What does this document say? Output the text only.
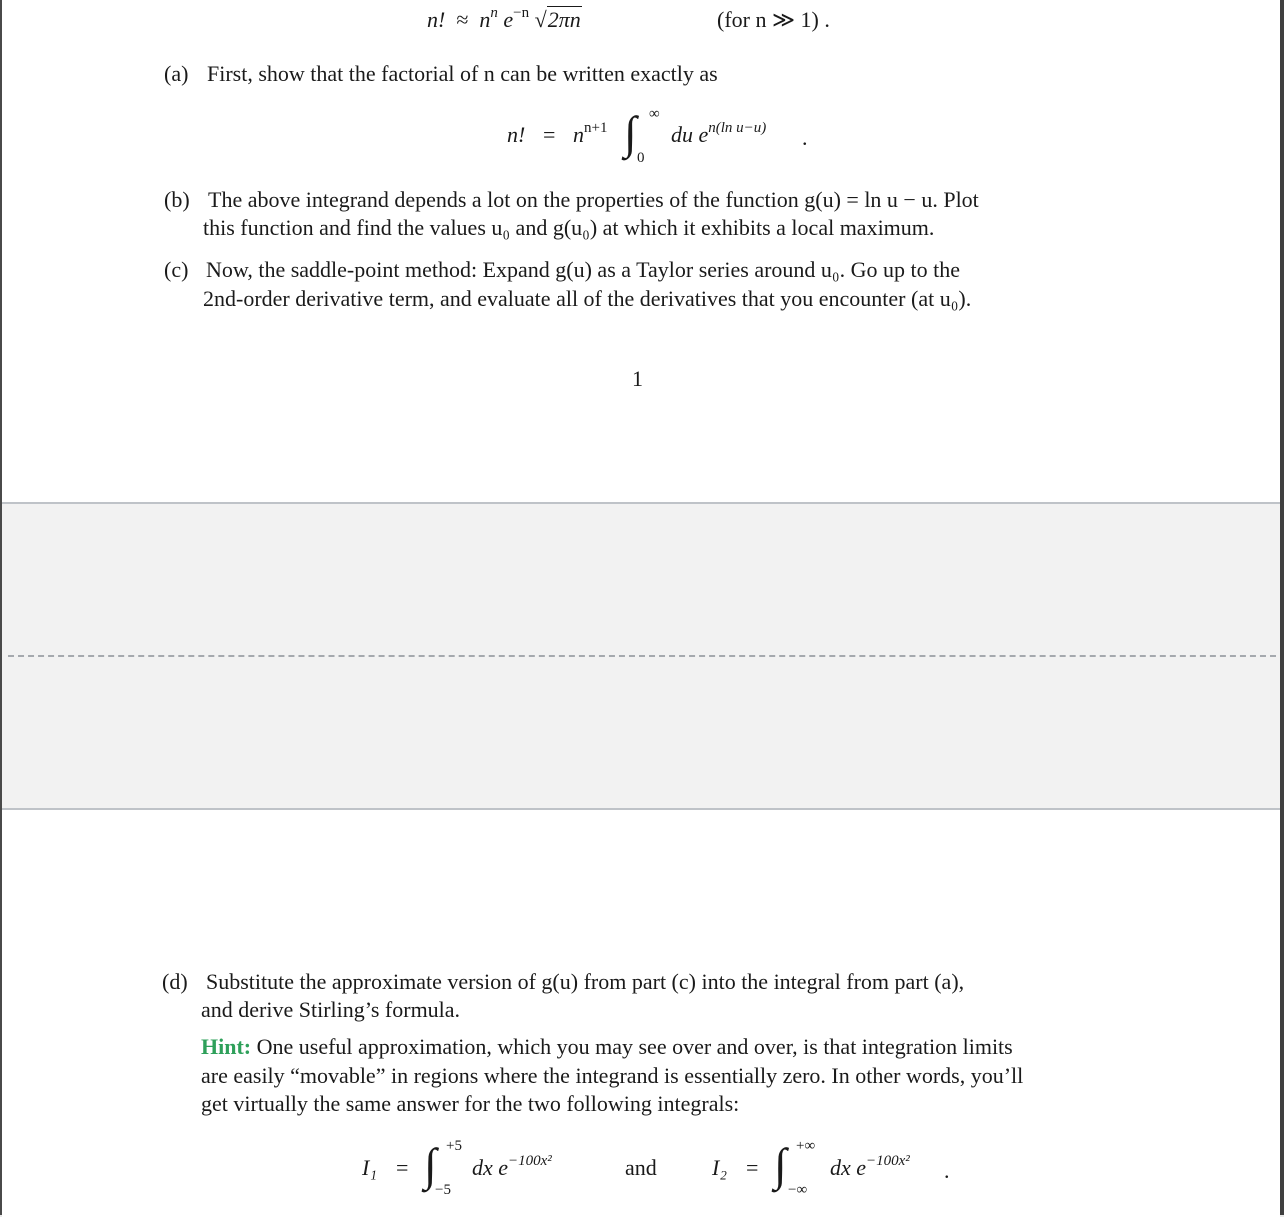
n! ≈ $n^n$ $e^{-n}$ √2πn	(for n ≫ 1) .
(a) First, show that the factorial of n can be written exactly as
n! = $n^{n+1}$ ∫ ∞
0
du $e^{n(ln u-u)}$ .
(b) The above integrand depends a lot on the properties of the function g(u) = ln u − u. Plot
this function and find the values u₀ and g(u₀) at which it exhibits a local maximum.
(c) Now, the saddle-point method: Expand g(u) as a Taylor series around u₀. Go up to the
2nd-order derivative term, and evaluate all of the derivatives that you encounter (at u₀).
1
(d) Substitute the approximate version of g(u) from part (c) into the integral from part (a),
and derive Stirling’s formula.
Hint: One useful approximation, which you may see over and over, is that integration limits
are easily “movable” in regions where the integrand is essentially zero. In other words, you’ll
get virtually the same answer for the two following integrals:
I₁ = ∫ +5
−5
dx $e^{-100x^2}$	and	I₂ = ∫ +∞
−∞
dx $e^{-100x^2}$ .
